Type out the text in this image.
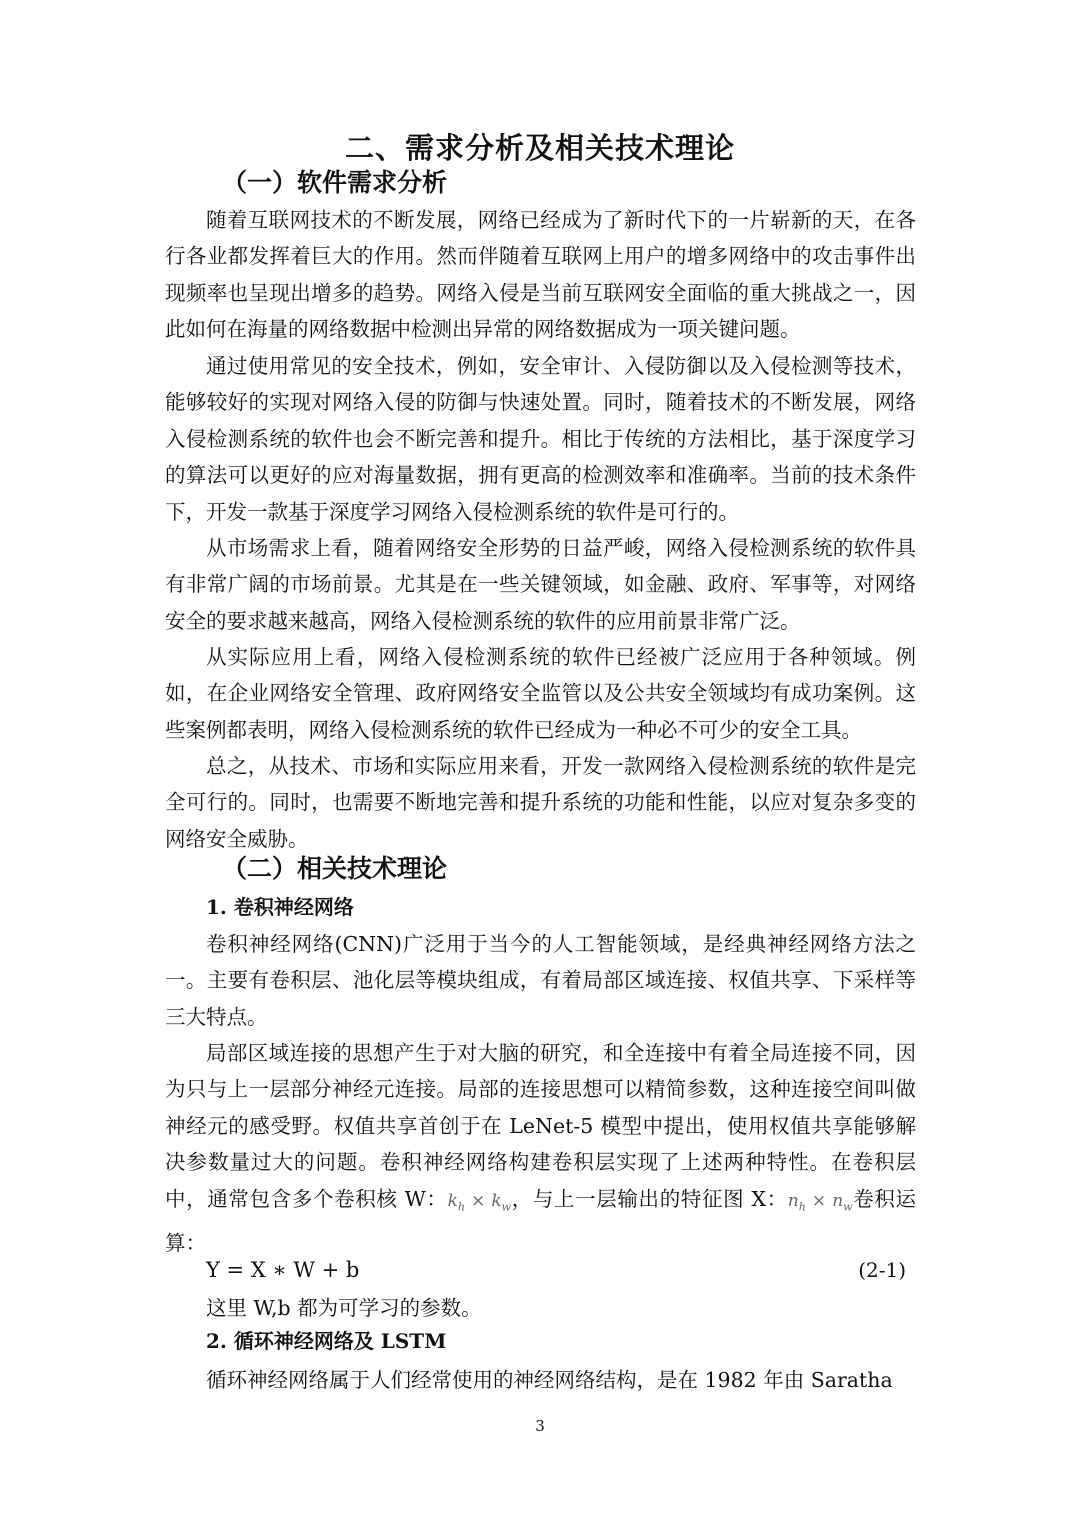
二、需求分析及相关技术理论
（一）软件需求分析

随着互联网技术的不断发展，网络已经成为了新时代下的一片崭新的天，在各行各业都发挥着巨大的作用。然而伴随着互联网上用户的增多网络中的攻击事件出现频率也呈现出增多的趋势。网络入侵是当前互联网安全面临的重大挑战之一，因此如何在海量的网络数据中检测出异常的网络数据成为一项关键问题。

通过使用常见的安全技术，例如，安全审计、入侵防御以及入侵检测等技术，能够较好的实现对网络入侵的防御与快速处置。同时，随着技术的不断发展，网络入侵检测系统的软件也会不断完善和提升。相比于传统的方法相比，基于深度学习的算法可以更好的应对海量数据，拥有更高的检测效率和准确率。当前的技术条件下，开发一款基于深度学习网络入侵检测系统的软件是可行的。

从市场需求上看，随着网络安全形势的日益严峻，网络入侵检测系统的软件具有非常广阔的市场前景。尤其是在一些关键领域，如金融、政府、军事等，对网络安全的要求越来越高，网络入侵检测系统的软件的应用前景非常广泛。

从实际应用上看，网络入侵检测系统的软件已经被广泛应用于各种领域。例如，在企业网络安全管理、政府网络安全监管以及公共安全领域均有成功案例。这些案例都表明，网络入侵检测系统的软件已经成为一种必不可少的安全工具。

总之，从技术、市场和实际应用来看，开发一款网络入侵检测系统的软件是完全可行的。同时，也需要不断地完善和提升系统的功能和性能，以应对复杂多变的网络安全威胁。

（二）相关技术理论
1. 卷积神经网络

卷积神经网络(CNN)广泛用于当今的人工智能领域，是经典神经网络方法之一。主要有卷积层、池化层等模块组成，有着局部区域连接、权值共享、下采样等三大特点。

局部区域连接的思想产生于对大脑的研究，和全连接中有着全局连接不同，因为只与上一层部分神经元连接。局部的连接思想可以精简参数，这种连接空间叫做神经元的感受野。权值共享首创于在 LeNet-5 模型中提出，使用权值共享能够解决参数量过大的问题。卷积神经网络构建卷积层实现了上述两种特性。在卷积层中，通常包含多个卷积核 W：$k_h \times k_w$，与上一层输出的特征图 X：$n_h \times n_w$卷积运算：

Y = X ∗ W + b	(2-1)

这里 W,b 都为可学习的参数。

2. 循环神经网络及 LSTM

循环神经网络属于人们经常使用的神经网络结构，是在 1982 年由 Saratha

3
